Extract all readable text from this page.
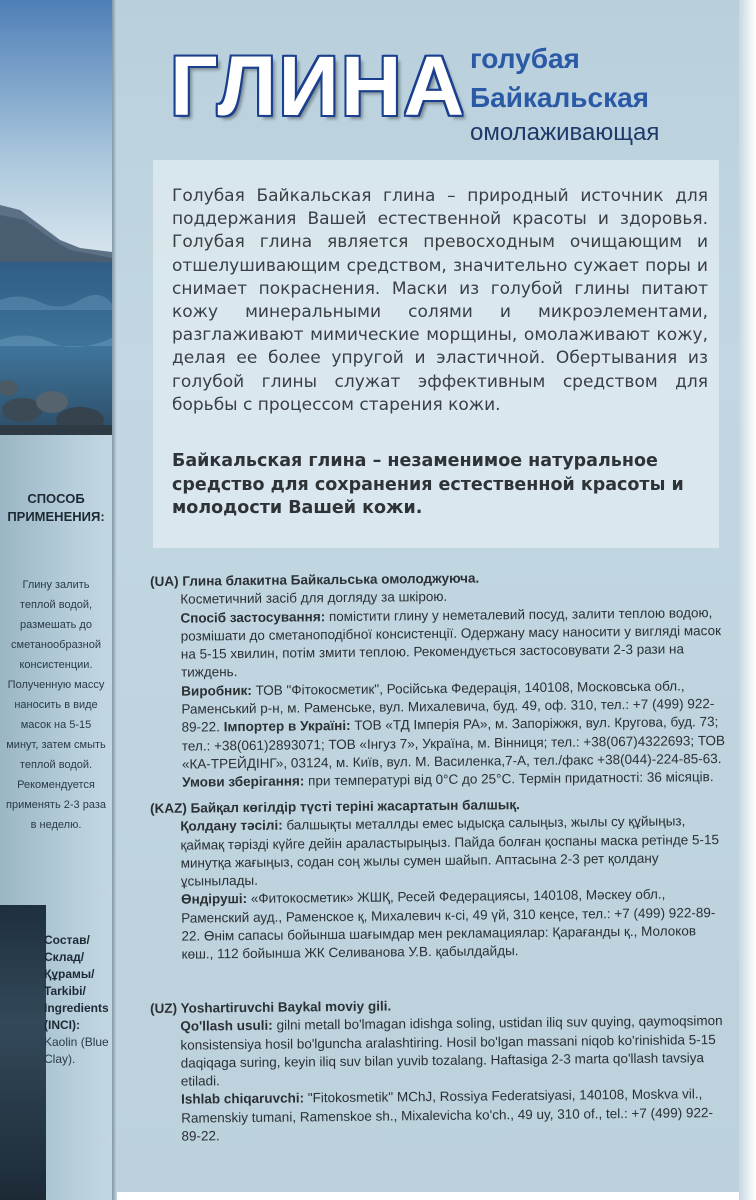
СПОСОБ ПРИМЕНЕНИЯ:
Глину залить теплой водой, размешать до сметанообразной консистенции. Полученную массу наносить в виде масок на 5-15 минут, затем смыть теплой водой. Рекомендуется применять 2-3 раза в неделю.

Состав/ Склад/ Құрамы/ Tarkibi/ Ingredients (INCI):
Kaolin (Blue Clay).

ГЛИНА голубая
Байкальская
омолаживающая
Голубая Байкальская глина – природный источник для поддержания Вашей естественной красоты и здоровья. Голубая глина является превосходным очищающим и отшелушивающим средством, значительно сужает поры и снимает покраснения. Маски из голубой глины питают кожу минеральными солями и микроэлементами, разглаживают мимические морщины, омолаживают кожу, делая ее более упругой и эластичной. Обертывания из голубой глины служат эффективным средством для борьбы с процессом старения кожи.
Байкальская глина – незаменимое натуральное средство для сохранения естественной красоты и молодости Вашей кожи.

(UA) Глина блакитна Байкальська омолоджуюча.

Косметичний засіб для догляду за шкірою.

Спосіб застосування: помістити глину у неметалевий посуд, залити теплою водою, розмішати до сметаноподібної консистенції. Одержану масу наносити у вигляді масок на 5-15 хвилин, потім змити теплою. Рекомендується застосовувати 2-3 рази на тиждень.

Виробник: ТОВ "Фітокосметик", Російська Федерація, 140108, Московська обл., Раменський р-н, м. Раменське, вул. Михалевича, буд. 49, оф. 310, тел.: +7 (499) 922-89-22. Імпортер в Україні: ТОВ «ТД Імперія РА», м. Запоріжжя, вул. Кругова, буд. 73; тел.: +38(061)2893071; ТОВ «Інгуз 7», Україна, м. Вінниця; тел.: +38(067)4322693; ТОВ «КА-ТРЕЙДІНГ», 03124, м. Київ, вул. М. Василенка,7-А, тел./факс +38(044)-224-85-63.

Умови зберігання: при температурі від 0°С до 25°С. Термін придатності: 36 місяців.

(KAZ) Байқал көгілдір түсті теріні жасартатын балшық.

Қолдану тәсілі: балшықты металлды емес ыдысқа салыңыз, жылы су құйыңыз, қаймақ тәрізді күйге дейін араластырыңыз. Пайда болған қоспаны маска ретінде 5-15 минутқа жағыңыз, содан соң жылы сумен шайып. Аптасына 2-3 рет қолдану ұсынылады.

Өндіруші: «Фитокосметик» ЖШҚ, Ресей Федерациясы, 140108, Мәскеу обл., Раменский ауд., Раменское қ, Михалевич к-сі, 49 үй, 310 кеңсе, тел.: +7 (499) 922-89-22. Өнім сапасы бойынша шағымдар мен рекламациялар: Қарағанды қ., Молоков көш., 112 бойынша ЖК Селиванова У.В. қабылдайды.

(UZ) Yoshartiruvchi Baykal moviy gili.

Qo'llash usuli: gilni metall bo'lmagan idishga soling, ustidan iliq suv quying, qaymoqsimon konsistensiya hosil bo'lguncha aralashtiring. Hosil bo'lgan massani niqob ko'rinishida 5-15 daqiqaga suring, keyin iliq suv bilan yuvib tozalang. Haftasiga 2-3 marta qo'llash tavsiya etiladi.

Ishlab chiqaruvchi: "Fitokosmetik" MChJ, Rossiya Federatsiyasi, 140108, Moskva vil., Ramenskiy tumani, Ramenskoe sh., Mixalevicha ko'ch., 49 uy, 310 of., tel.: +7 (499) 922-89-22.
